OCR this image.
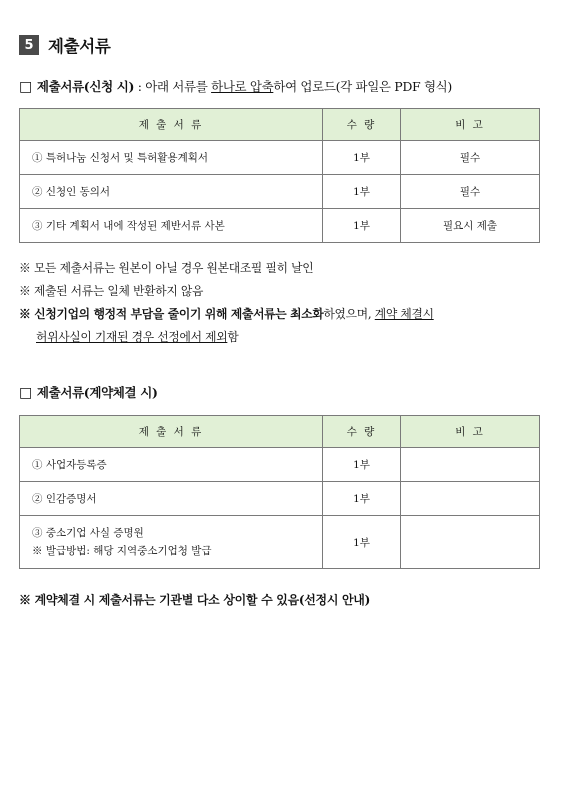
5 제출서류
□ 제출서류(신청 시) : 아래 서류를 하나로 압축하여 업로드(각 파일은 PDF 형식)
제 출 서 류	수 량	비 고
① 특허나눔 신청서 및 특허활용계획서	1부	필수
② 신청인 동의서	1부	필수
③ 기타 계획서 내에 작성된 제반서류 사본	1부	필요시 제출
※ 모든 제출서류는 원본이 아닐 경우 원본대조필 필히 날인
※ 제출된 서류는 일체 반환하지 않음
※ 신청기업의 행정적 부담을 줄이기 위해 제출서류는 최소화하였으며, 계약 체결시
허위사실이 기재된 경우 선정에서 제외함
□ 제출서류(계약체결 시)
제 출 서 류	수 량	비 고
① 사업자등록증	1부	
② 인감증명서	1부	

③ 중소기업 사실 증명원
※ 발급방법: 해당 지역중소기업청 발급	1부	
※ 계약체결 시 제출서류는 기관별 다소 상이할 수 있음(선정시 안내)
